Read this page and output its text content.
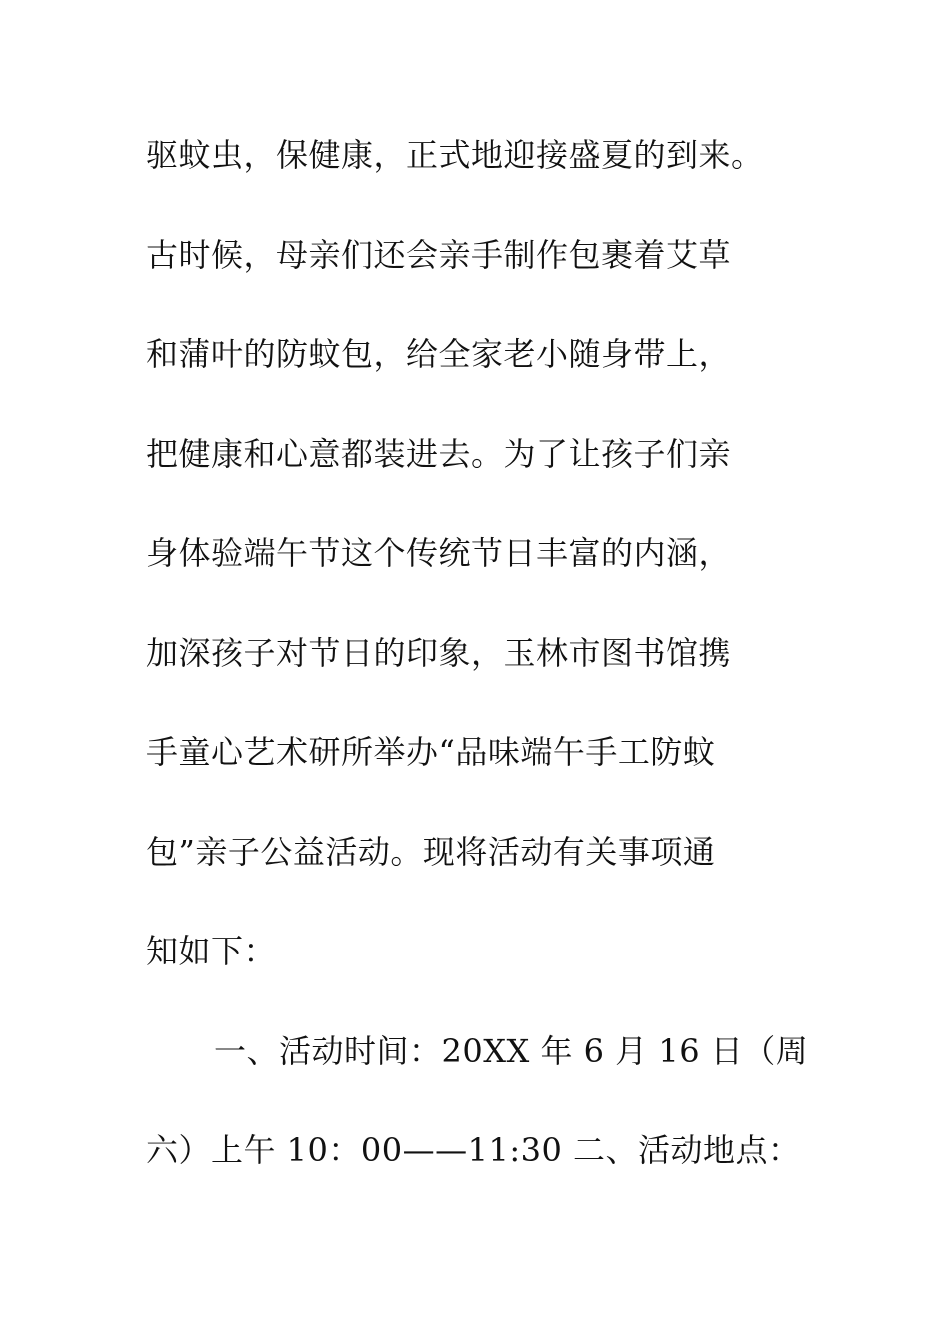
驱蚊虫，保健康，正式地迎接盛夏的到来。
古时候，母亲们还会亲手制作包裹着艾草
和蒲叶的防蚊包，给全家老小随身带上，
把健康和心意都装进去。为了让孩子们亲
身体验端午节这个传统节日丰富的内涵，
加深孩子对节日的印象，玉林市图书馆携
手童心艺术研所举办“品味端午手工防蚊
包”亲子公益活动。现将活动有关事项通
知如下：
一、活动时间：20XX 年 6 月 16 日（周
六）上午 10：00——11:30 二、活动地点：
